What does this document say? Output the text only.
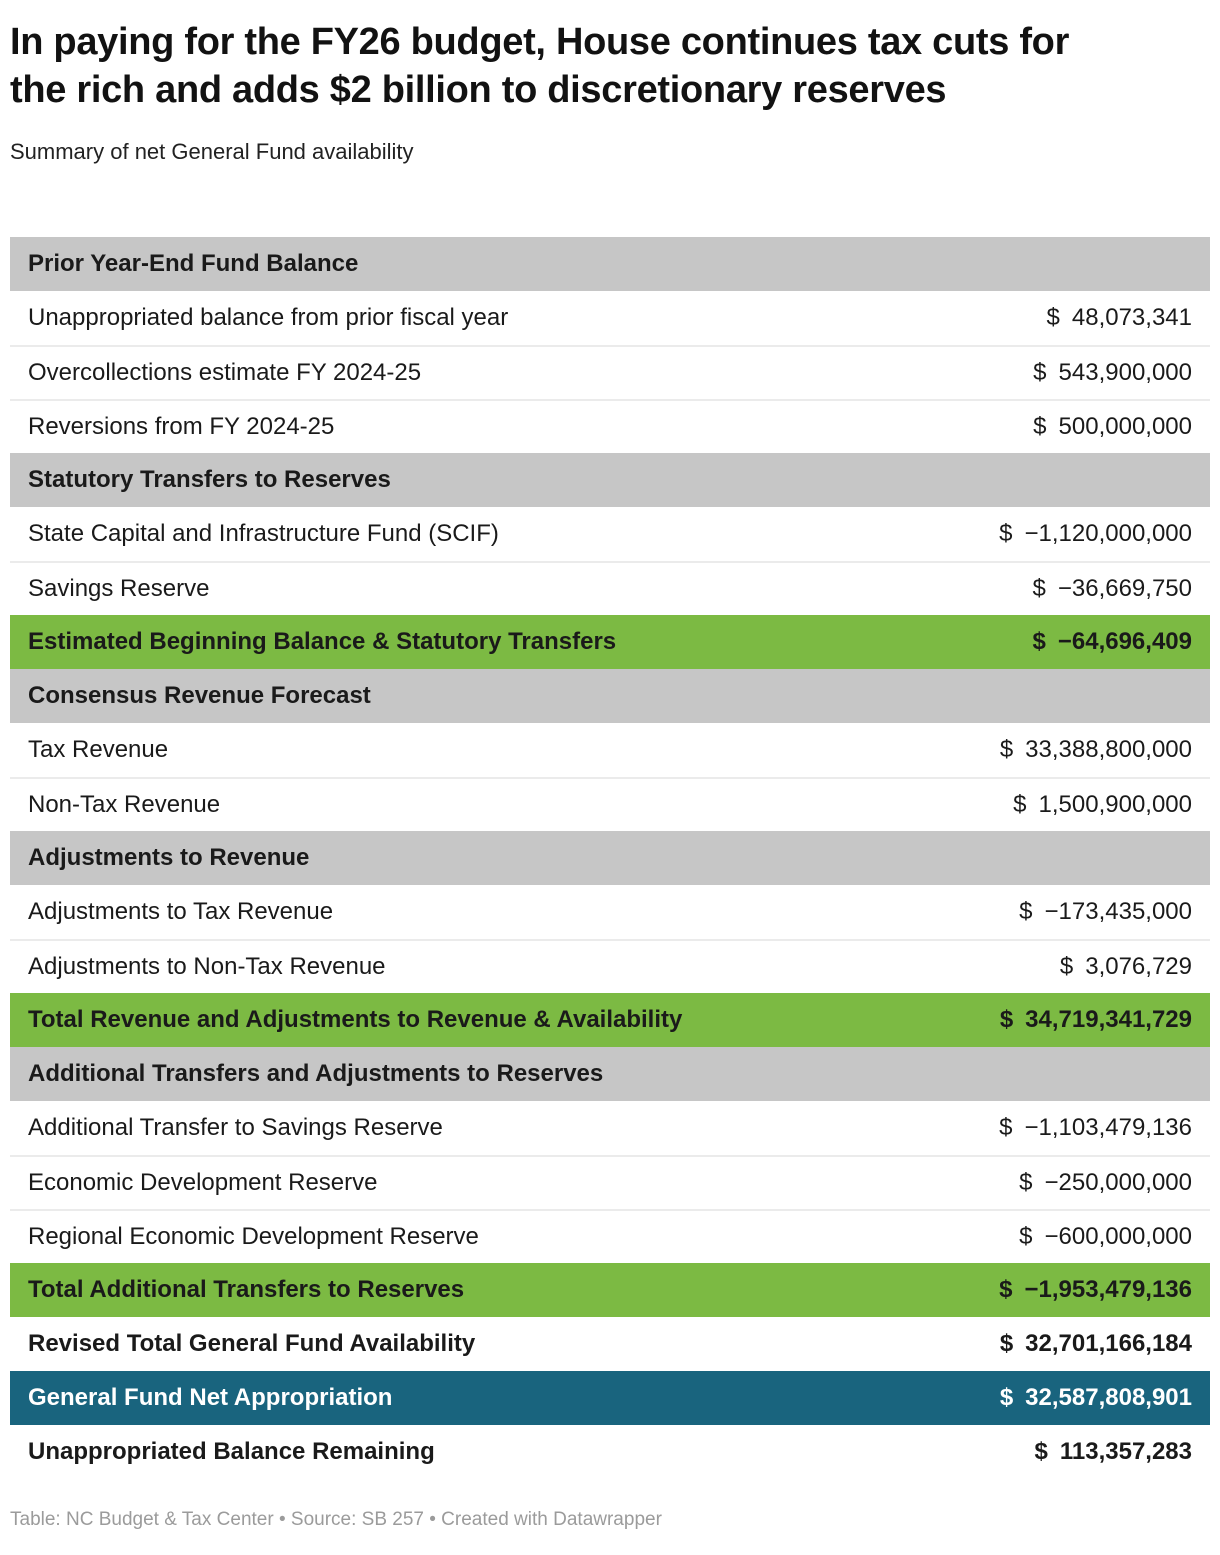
In paying for the FY26 budget, House continues tax cuts for
the rich and adds $2 billion to discretionary reserves

Summary of net General Fund availability

Prior Year-End Fund Balance
Unappropriated balance from prior fiscal year	$ 48,073,341
Overcollections estimate FY 2024-25	$ 543,900,000
Reversions from FY 2024-25	$ 500,000,000
Statutory Transfers to Reserves
State Capital and Infrastructure Fund (SCIF)	$ −1,120,000,000
Savings Reserve	$ −36,669,750
Estimated Beginning Balance & Statutory Transfers	$ −64,696,409
Consensus Revenue Forecast
Tax Revenue	$ 33,388,800,000
Non-Tax Revenue	$ 1,500,900,000
Adjustments to Revenue
Adjustments to Tax Revenue	$ −173,435,000
Adjustments to Non-Tax Revenue	$ 3,076,729
Total Revenue and Adjustments to Revenue & Availability	$ 34,719,341,729
Additional Transfers and Adjustments to Reserves
Additional Transfer to Savings Reserve	$ −1,103,479,136
Economic Development Reserve	$ −250,000,000
Regional Economic Development Reserve	$ −600,000,000
Total Additional Transfers to Reserves	$ −1,953,479,136
Revised Total General Fund Availability	$ 32,701,166,184
General Fund Net Appropriation	$ 32,587,808,901
Unappropriated Balance Remaining	$ 113,357,283

Table: NC Budget & Tax Center • Source: SB 257 • Created with Datawrapper
